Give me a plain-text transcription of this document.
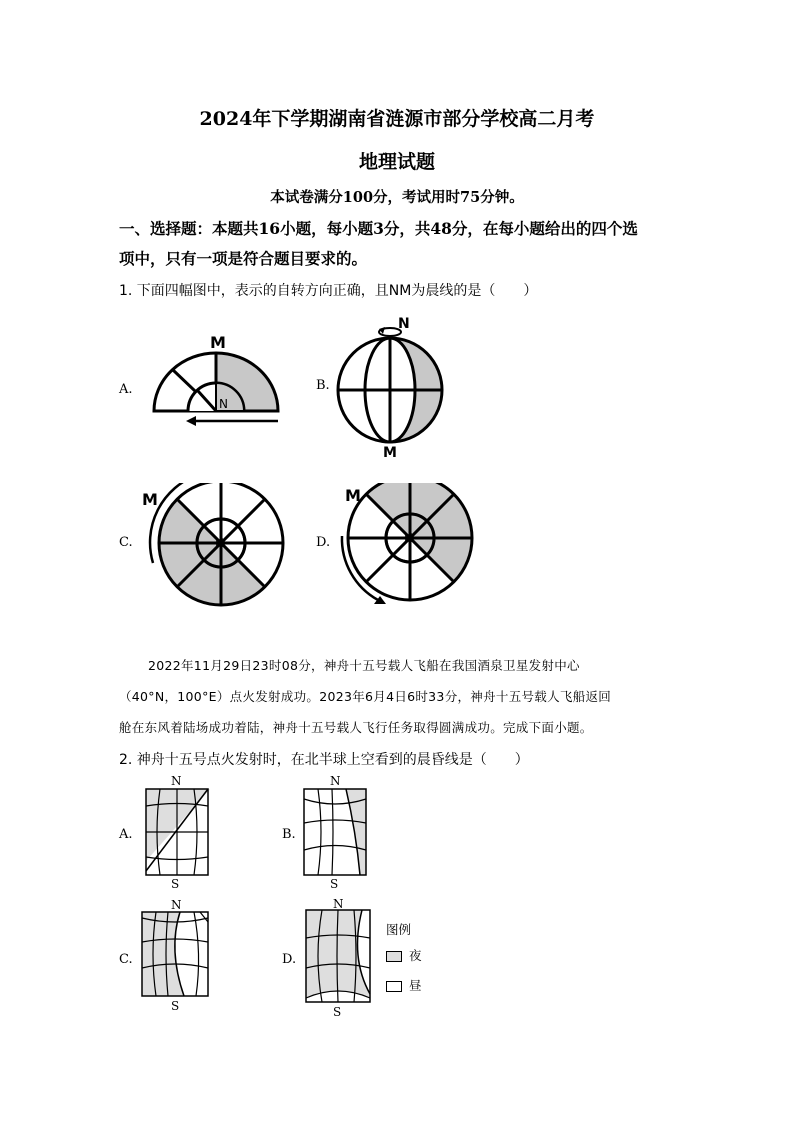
2024年下学期湖南省涟源市部分学校高二月考
地理试题
本试卷满分100分，考试用时75分钟。
一、选择题：本题共16小题，每小题3分，共48分，在每小题给出的四个选
项中，只有一项是符合题目要求的。
1. 下面四幅图中，表示的自转方向正确，且NM为晨线的是（　　）
A.	B.
C.	D.
M
N
N
M
N
M
N
M
2022年11月29日23时08分，神舟十五号载人飞船在我国酒泉卫星发射中心
（40°N，100°E）点火发射成功。2023年6月4日6时33分，神舟十五号载人飞船返回
舱在东风着陆场成功着陆，神舟十五号载人飞行任务取得圆满成功。完成下面小题。
2. 神舟十五号点火发射时，在北半球上空看到的晨昏线是（　　）
A.	B.
C.	D.
N
S
N
S
N
S
N
S
图例
夜
昼
